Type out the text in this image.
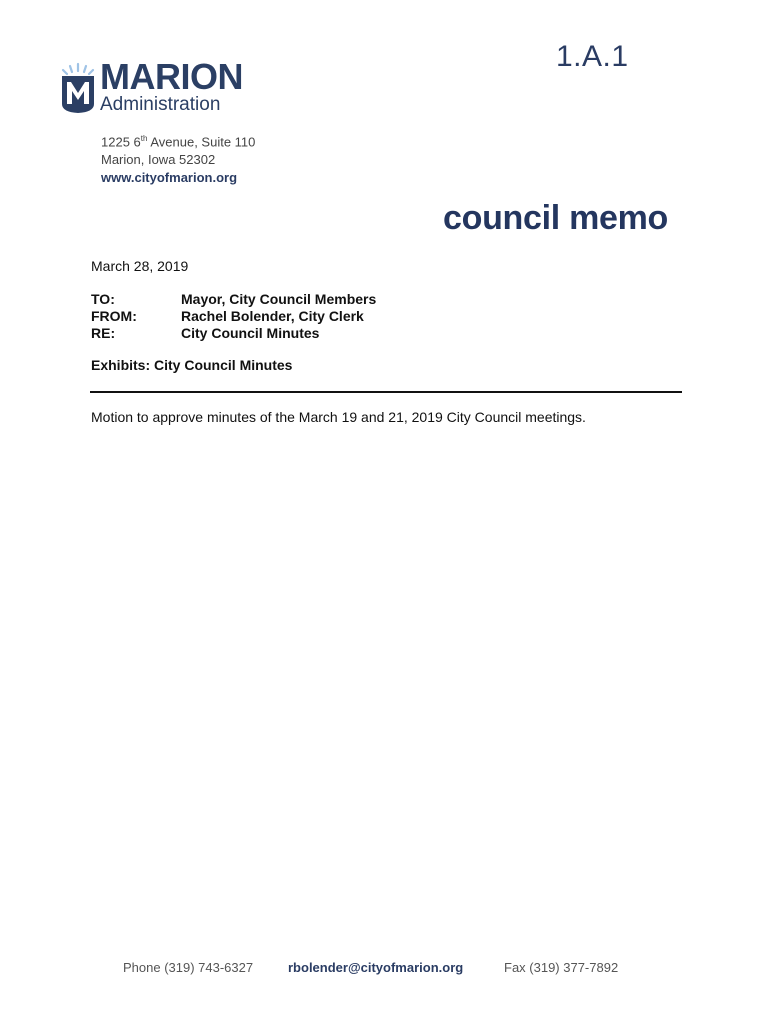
1.A.1
MARION
Administration
1225 6th Avenue, Suite 110
Marion, Iowa 52302
www.cityofmarion.org
council memo
March 28, 2019
TO:	Mayor, City Council Members
FROM:	Rachel Bolender, City Clerk
RE:	City Council Minutes
Exhibits: City Council Minutes
Motion to approve minutes of the March 19 and 21, 2019 City Council meetings.
Phone (319) 743-6327	rbolender@cityofmarion.org	Fax (319) 377-7892
